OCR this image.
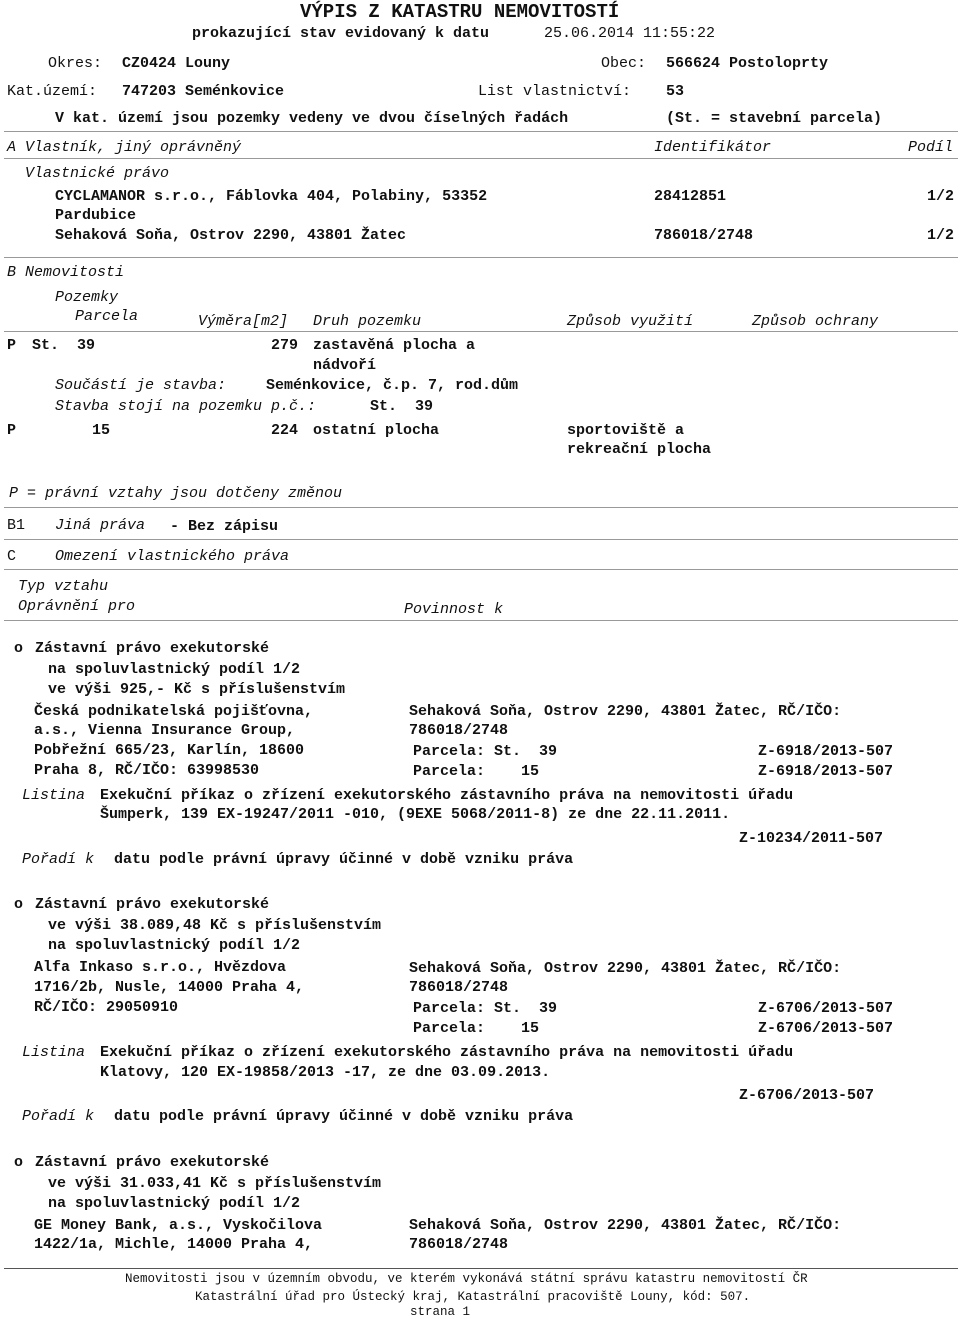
VÝPIS Z KATASTRU NEMOVITOSTÍ
prokazující stav evidovaný k datu	25.06.2014 11:55:22
Okres: CZ0424 Louny	Obec: 566624 Postoloprty
Kat.území: 747203 Seménkovice	List vlastnictví: 53
V kat. území jsou pozemky vedeny ve dvou číselných řadách	(St. = stavební parcela)
A Vlastník, jiný oprávněný	Identifikátor	Podíl
Vlastnické právo
CYCLAMANOR s.r.o., Fáblovka 404, Polabiny, 53352
Pardubice
28412851	1/2
Sehaková Soňa, Ostrov 2290, 43801 Žatec	786018/2748	1/2
B Nemovitosti
Pozemky
Parcela	Výměra[m2] Druh pozemku	Způsob využití	Způsob ochrany
P St.  39	279 zastavěná plocha a
nádvoří
Součástí je stavba:	Seménkovice, č.p. 7, rod.dům
Stavba stojí na pozemku p.č.:	St.  39
P	15	224 ostatní plocha	sportoviště a
rekreační plocha
P = právní vztahy jsou dotčeny změnou
B1 Jiná práva - Bez zápisu
C	Omezení vlastnického práva
Typ vztahu
Oprávnění pro	Povinnost k
o Zástavní právo exekutorské
na spoluvlastnický podíl 1/2
ve výši 925,- Kč s příslušenstvím
Česká podnikatelská pojišťovna,
a.s., Vienna Insurance Group,
Pobřežní 665/23, Karlín, 18600
Praha 8, RČ/IČO: 63998530
Sehaková Soňa, Ostrov 2290, 43801 Žatec, RČ/IČO:
786018/2748
Parcela: St.  39	Z-6918/2013-507
Parcela:    15	Z-6918/2013-507
Listina Exekuční příkaz o zřízení exekutorského zástavního práva na nemovitosti úřadu
Šumperk, 139 EX-19247/2011 -010, (9EXE 5068/2011-8) ze dne 22.11.2011.
Z-10234/2011-507
Pořadí k datu podle právní úpravy účinné v době vzniku práva
o Zástavní právo exekutorské
ve výši 38.089,48 Kč s příslušenstvím
na spoluvlastnický podíl 1/2
Alfa Inkaso s.r.o., Hvězdova
1716/2b, Nusle, 14000 Praha 4,
RČ/IČO: 29050910
Sehaková Soňa, Ostrov 2290, 43801 Žatec, RČ/IČO:
786018/2748
Parcela: St.  39	Z-6706/2013-507
Parcela:    15	Z-6706/2013-507
Listina Exekuční příkaz o zřízení exekutorského zástavního práva na nemovitosti úřadu
Klatovy, 120 EX-19858/2013 -17, ze dne 03.09.2013.
Z-6706/2013-507
Pořadí k datu podle právní úpravy účinné v době vzniku práva
o Zástavní právo exekutorské
ve výši 31.033,41 Kč s příslušenstvím
na spoluvlastnický podíl 1/2
GE Money Bank, a.s., Vyskočilova
1422/1a, Michle, 14000 Praha 4,
Sehaková Soňa, Ostrov 2290, 43801 Žatec, RČ/IČO:
786018/2748
Nemovitosti jsou v územním obvodu, ve kterém vykonává státní správu katastru nemovitostí ČR
Katastrální úřad pro Ústecký kraj, Katastrální pracoviště Louny, kód: 507.
strana 1
